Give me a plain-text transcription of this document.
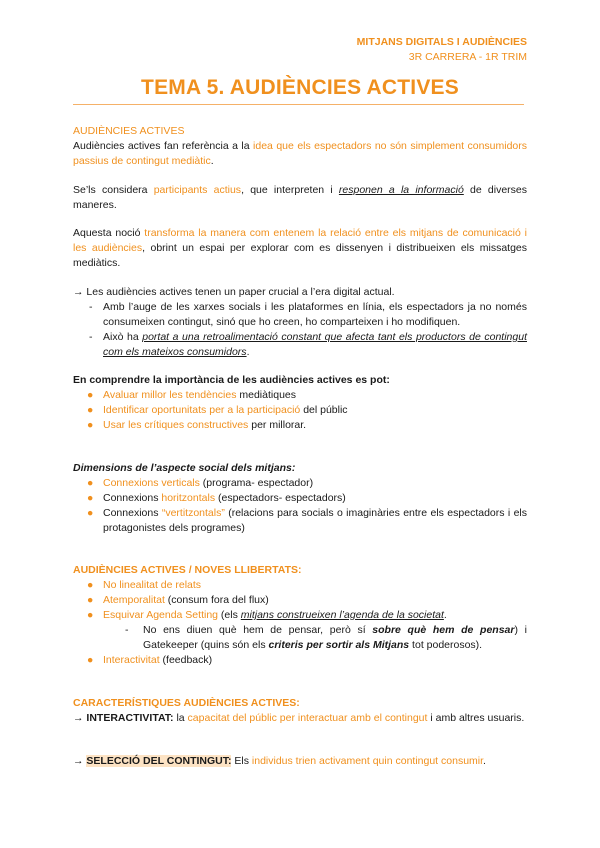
MITJANS DIGITALS I AUDIÈNCIES
3R CARRERA - 1R TRIM
TEMA 5. AUDIÈNCIES ACTIVES
AUDIÈNCIES ACTIVES
Audiències actives fan referència a la idea que els espectadors no són simplement consumidors passius de contingut mediàtic.
Se’ls considera participants actius, que interpreten i responen a la informació de diverses maneres.
Aquesta noció transforma la manera com entenem la relació entre els mitjans de comunicació i les audiències, obrint un espai per explorar com es dissenyen i distribueixen els missatges mediàtics.
→ Les audiències actives tenen un paper crucial a l’era digital actual.
- Amb l’auge de les xarxes socials i les plataformes en línia, els espectadors ja no només consumeixen contingut, sinó que ho creen, ho comparteixen i ho modifiquen.
- Això ha portat a una retroalimentació constant que afecta tant els productors de contingut com els mateixos consumidors.
En comprendre la importància de les audiències actives es pot:
● Avaluar millor les tendències mediàtiques
● Identificar oportunitats per a la participació del públic
● Usar les crítiques constructives per millorar.
Dimensions de l’aspecte social dels mitjans:
● Connexions verticals (programa- espectador)
● Connexions horitzontals (espectadors- espectadors)
● Connexions “vertitzontals” (relacions para socials o imaginàries entre els espectadors i els protagonistes dels programes)
AUDIÈNCIES ACTIVES / NOVES LLIBERTATS:
● No linealitat de relats
● Atemporalitat (consum fora del flux)
● Esquivar Agenda Setting (els mitjans construeixen l’agenda de la societat.
- No ens diuen què hem de pensar, però sí sobre què hem de pensar) i Gatekeeper (quins són els criteris per sortir als Mitjans tot poderosos).
● Interactivitat (feedback)
CARACTERÍSTIQUES AUDIÈNCIES ACTIVES:
→ INTERACTIVITAT: la capacitat del públic per interactuar amb el contingut i amb altres usuaris.
→ SELECCIÓ DEL CONTINGUT: Els individus trien activament quin contingut consumir.
